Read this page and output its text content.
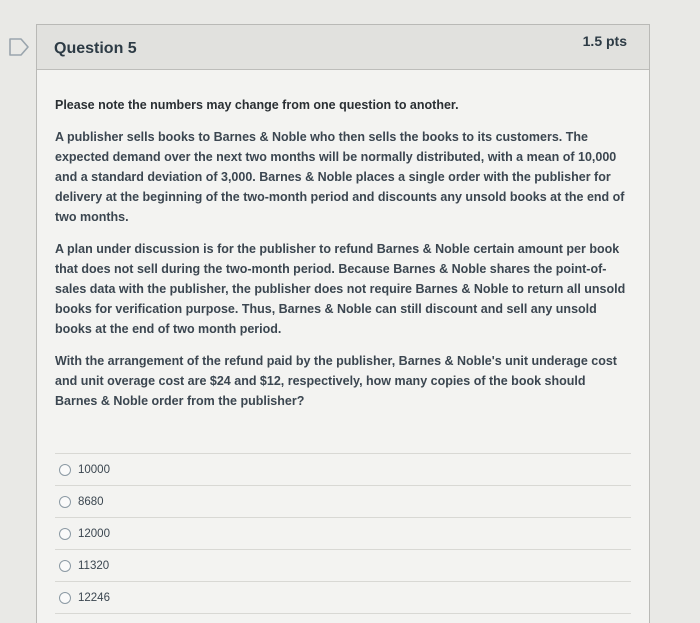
Question 5	1.5 pts

Please note the numbers may change from one question to another.

A publisher sells books to Barnes & Noble who then sells the books to its customers. The expected demand over the next two months will be normally distributed, with a mean of 10,000 and a standard deviation of 3,000. Barnes & Noble places a single order with the publisher for delivery at the beginning of the two-month period and discounts any unsold books at the end of two months.

A plan under discussion is for the publisher to refund Barnes & Noble certain amount per book that does not sell during the two-month period. Because Barnes & Noble shares the point-of-sales data with the publisher, the publisher does not require Barnes & Noble to return all unsold books for verification purpose. Thus, Barnes & Noble can still discount and sell any unsold books at the end of two month period.

With the arrangement of the refund paid by the publisher, Barnes & Noble's unit underage cost and unit overage cost are $24 and $12, respectively, how many copies of the book should Barnes & Noble order from the publisher?

10000
8680
12000
11320
12246
